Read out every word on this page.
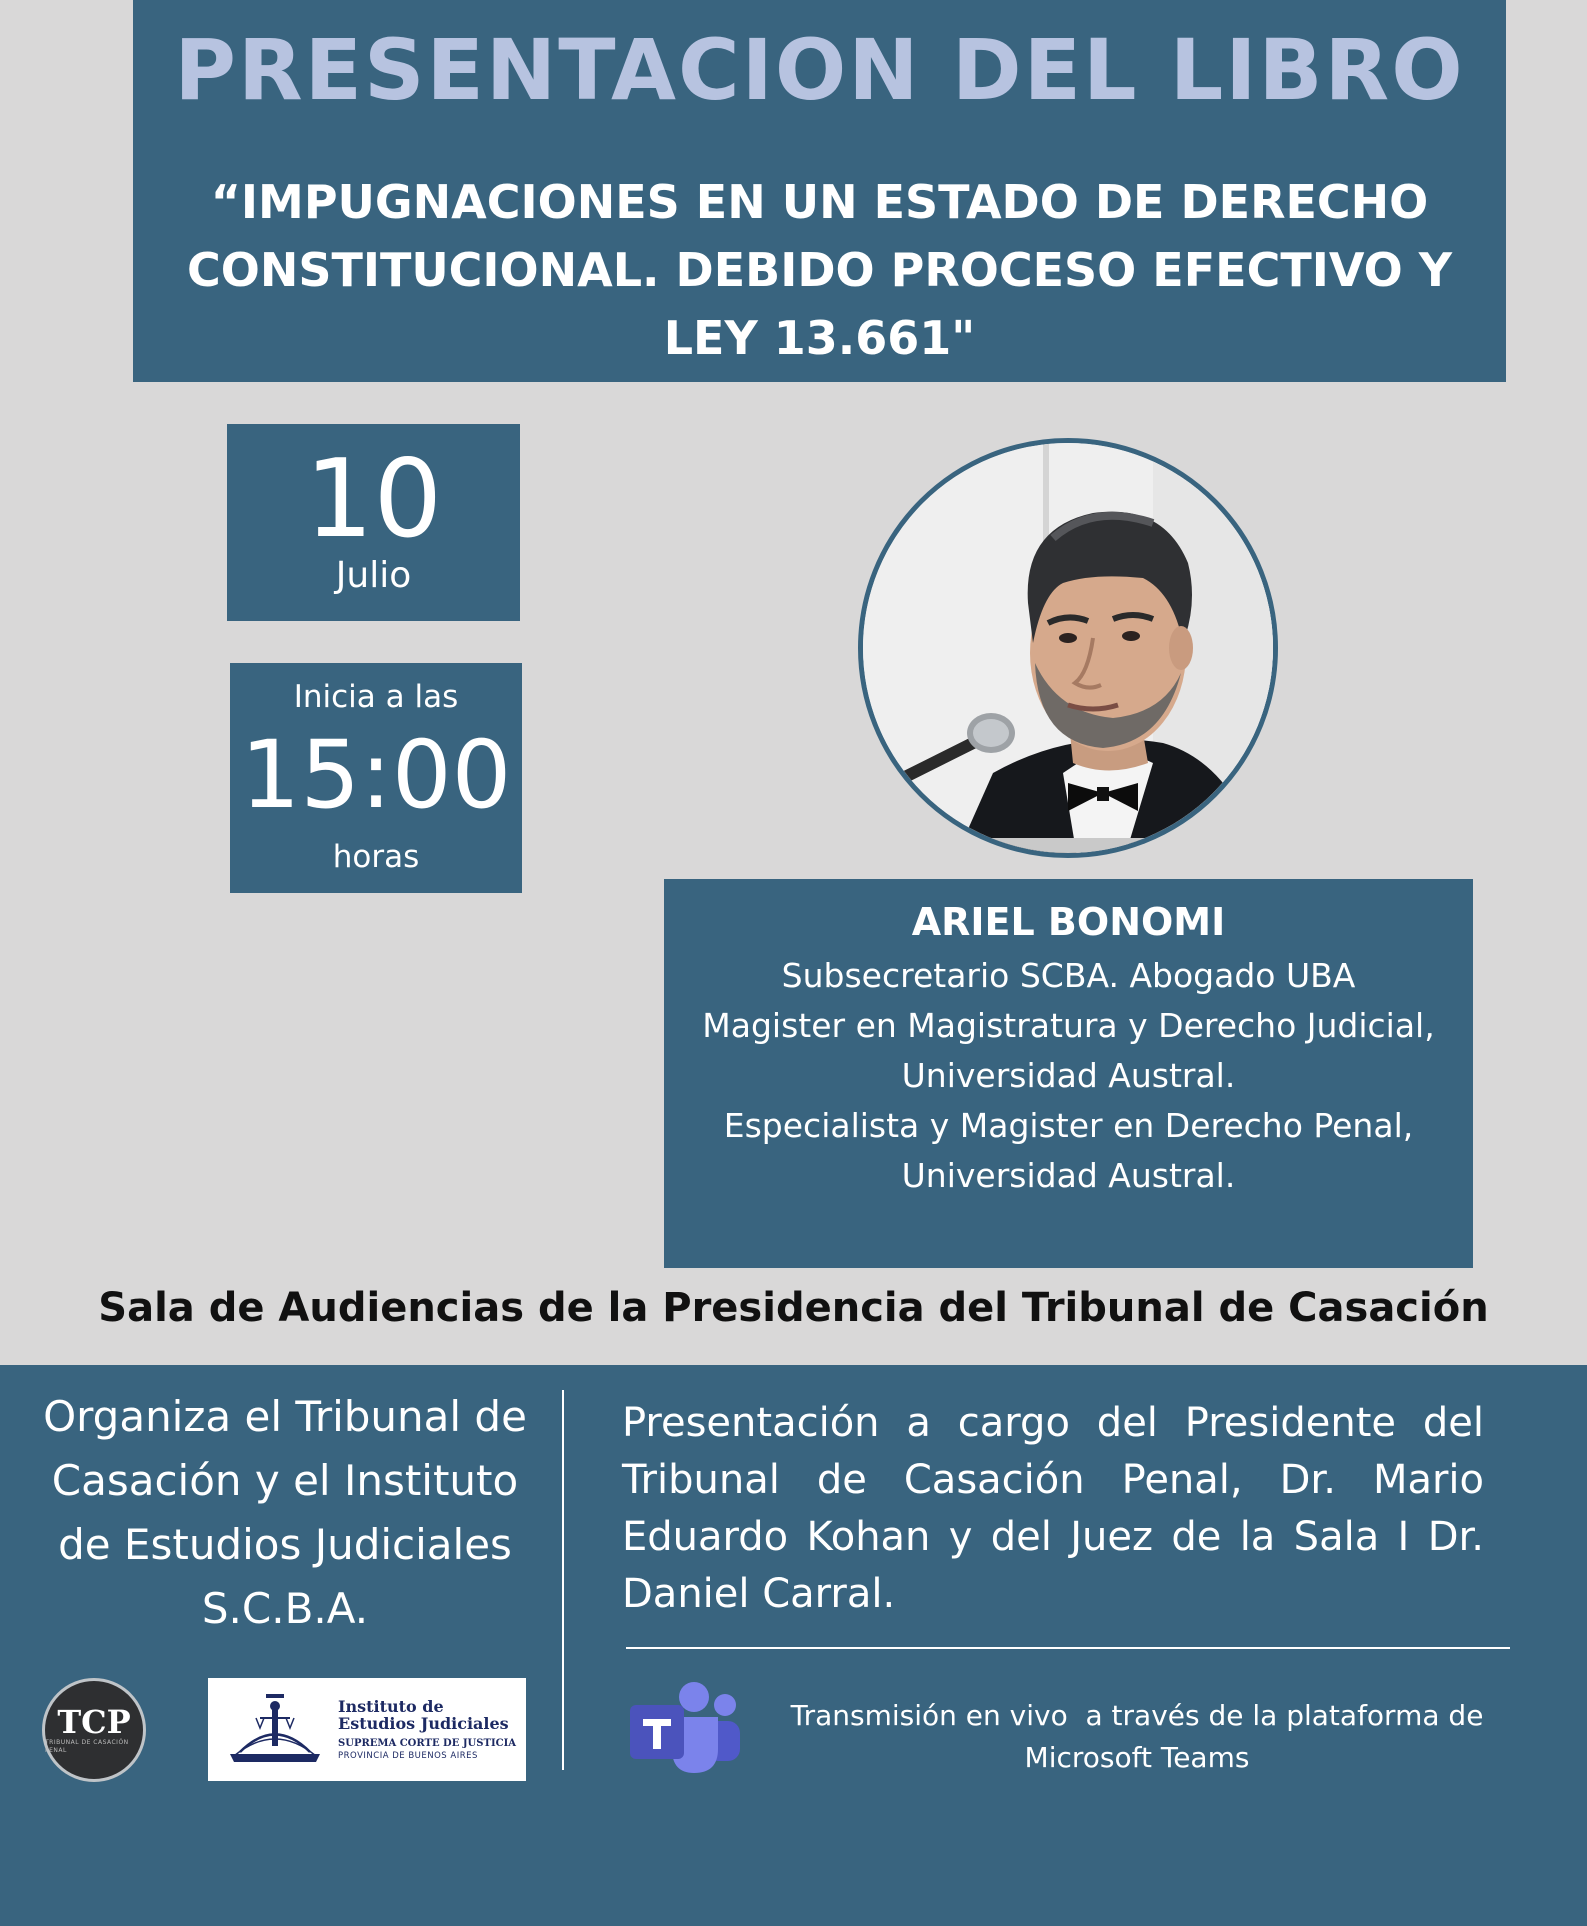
PRESENTACION DEL LIBRO
“IMPUGNACIONES EN UN ESTADO DE DERECHO
CONSTITUCIONAL. DEBIDO PROCESO EFECTIVO Y
LEY 13.661"
10
Julio
Inicia a las
15:00
horas
ARIEL BONOMI
Subsecretario SCBA. Abogado UBA
Magister en Magistratura y Derecho Judicial,
Universidad Austral.
Especialista y Magister en Derecho Penal,
Universidad Austral.
Sala de Audiencias de la Presidencia del Tribunal de Casación
Organiza el Tribunal de
Casación y el Instituto
de Estudios Judiciales
S.C.B.A.
Presentación a cargo del Presidente del Tribunal de Casación Penal, Dr. Mario Eduardo Kohan y del Juez de la Sala I Dr. Daniel Carral.
TCP
TRIBUNAL DE CASACIÓN PENAL
Instituto de
Estudios Judiciales
SUPREMA CORTE DE JUSTICIA
PROVINCIA DE BUENOS AIRES
Transmisión en vivo  a través de la plataforma de
Microsoft Teams
